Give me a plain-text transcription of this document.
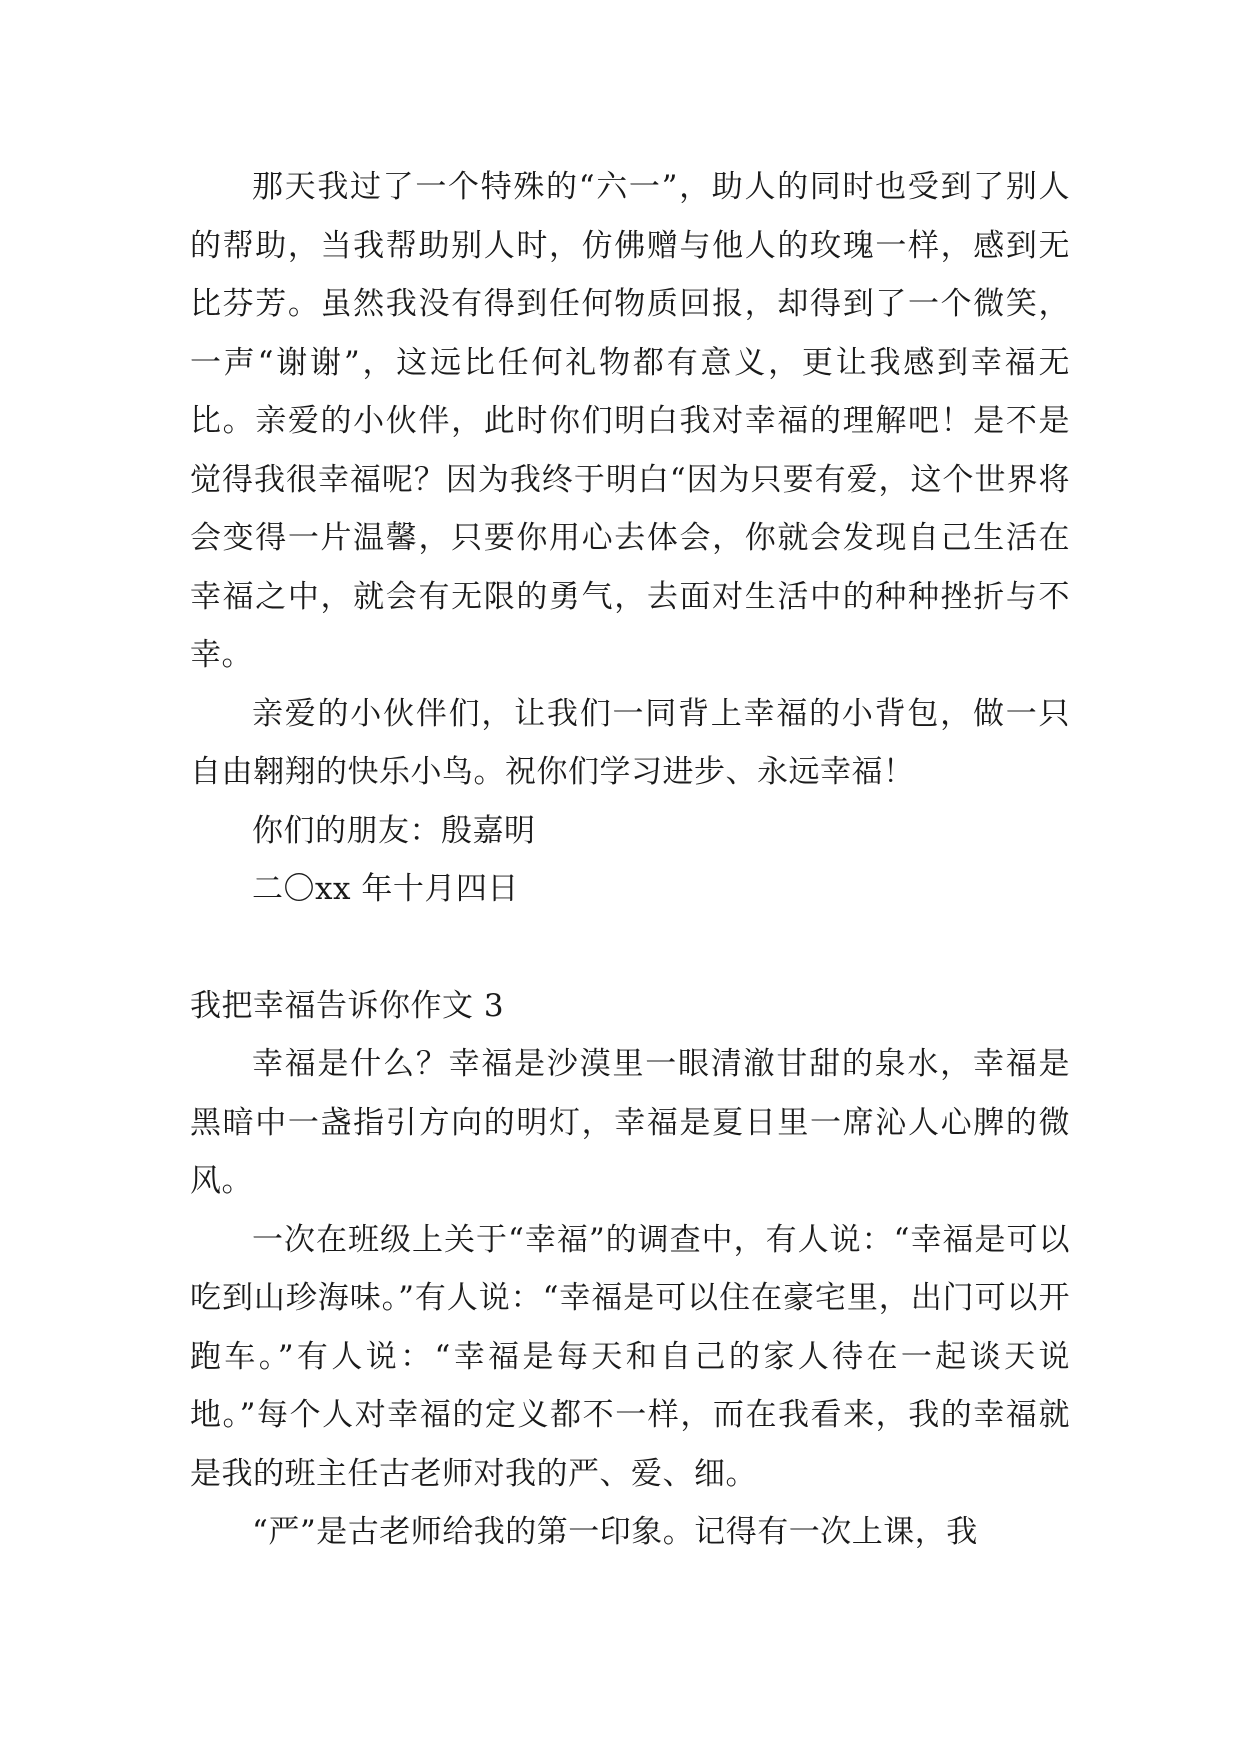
那天我过了一个特殊的“六一”，助人的同时也受到了别人的帮助，当我帮助别人时，仿佛赠与他人的玫瑰一样，感到无比芬芳。虽然我没有得到任何物质回报，却得到了一个微笑，一声“谢谢”，这远比任何礼物都有意义，更让我感到幸福无比。亲爱的小伙伴，此时你们明白我对幸福的理解吧！是不是觉得我很幸福呢？因为我终于明白“因为只要有爱，这个世界将会变得一片温馨，只要你用心去体会，你就会发现自己生活在幸福之中，就会有无限的勇气，去面对生活中的种种挫折与不幸。

亲爱的小伙伴们，让我们一同背上幸福的小背包，做一只自由翱翔的快乐小鸟。祝你们学习进步、永远幸福！

你们的朋友：殷嘉明

二〇xx 年十月四日

我把幸福告诉你作文 3

幸福是什么？幸福是沙漠里一眼清澈甘甜的泉水，幸福是黑暗中一盏指引方向的明灯，幸福是夏日里一席沁人心脾的微风。

一次在班级上关于“幸福”的调查中，有人说：“幸福是可以吃到山珍海味。”有人说：“幸福是可以住在豪宅里，出门可以开跑车。”有人说：“幸福是每天和自己的家人待在一起谈天说地。”每个人对幸福的定义都不一样，而在我看来，我的幸福就是我的班主任古老师对我的严、爱、细。

“严”是古老师给我的第一印象。记得有一次上课，我
